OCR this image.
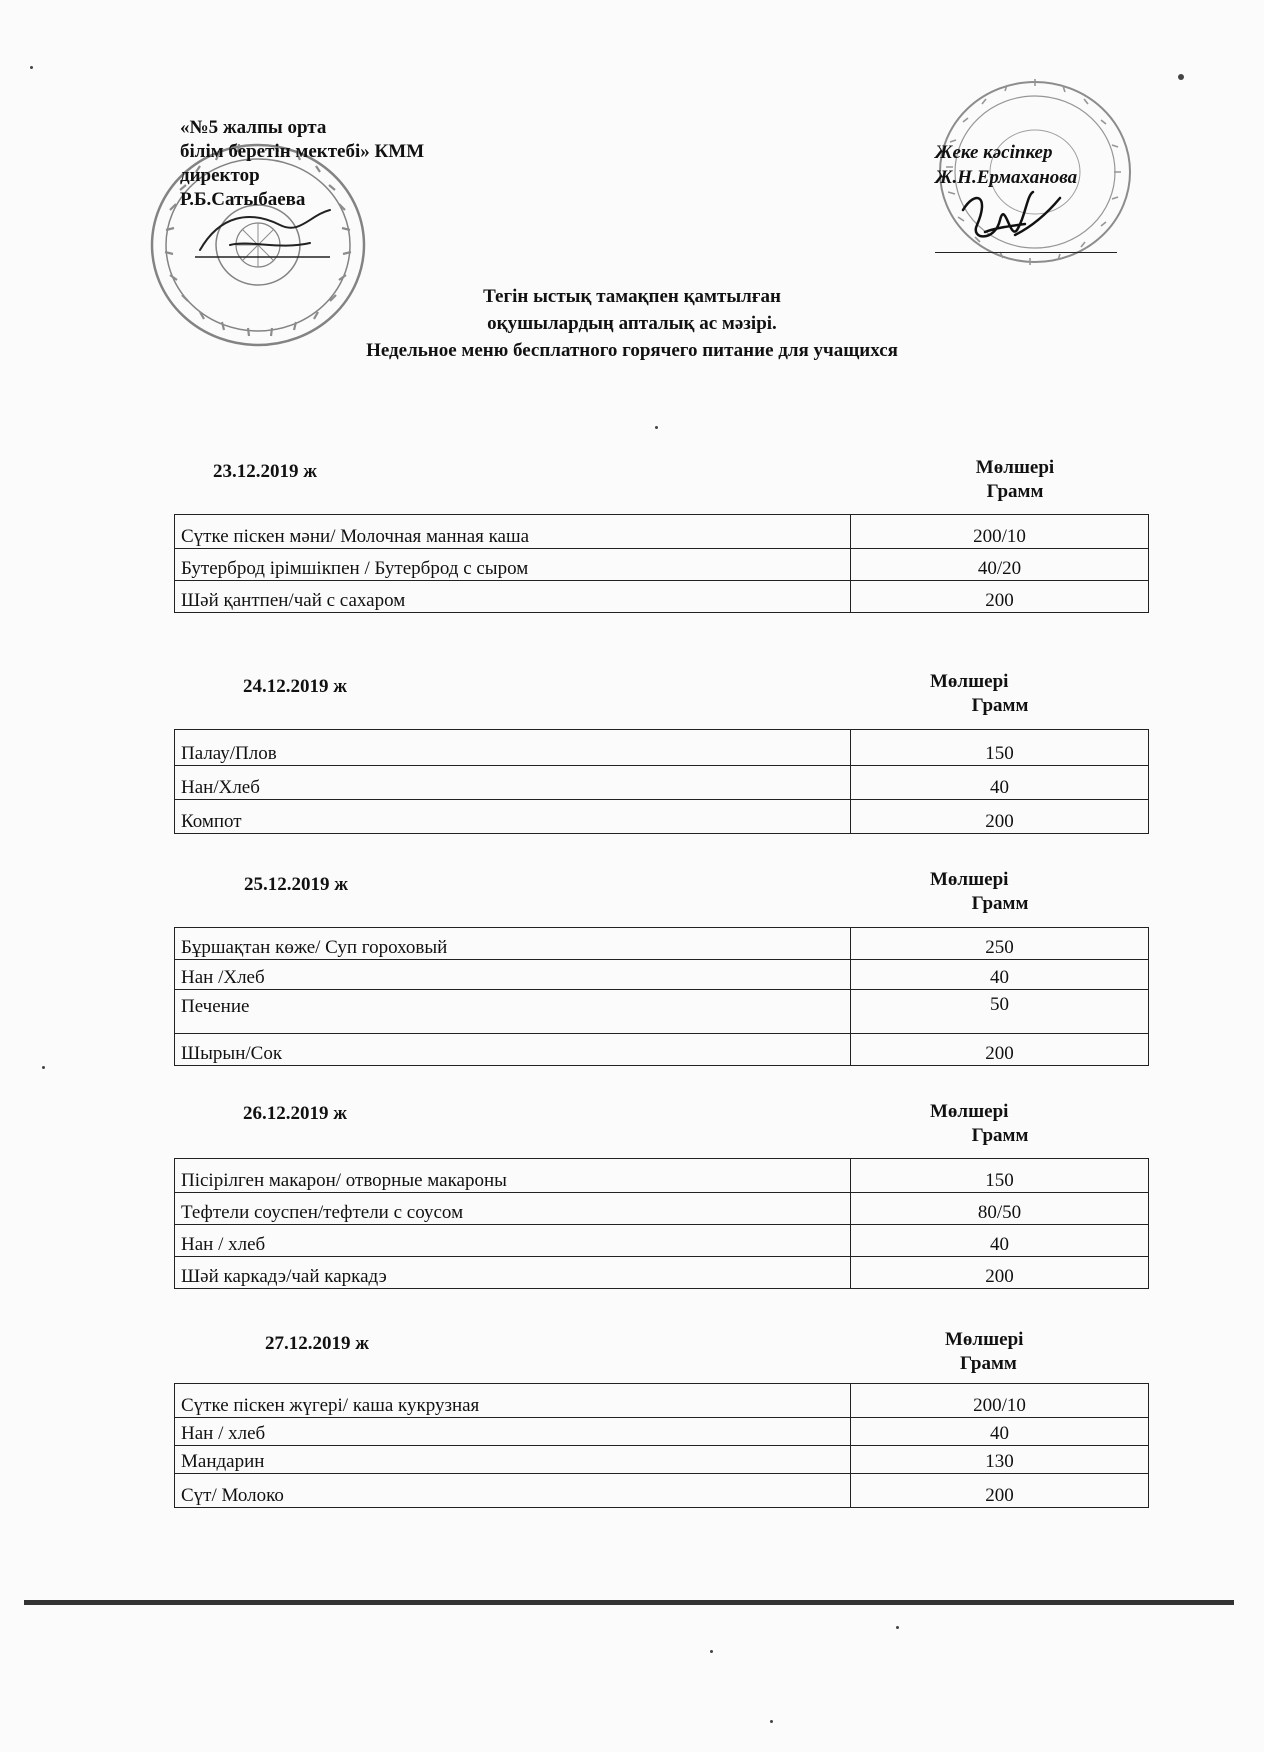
«№5 жалпы орта
білім беретін мектебі» КММ
директор
Р.Б.Сатыбаева
Жеке кәсіпкер
Ж.Н.Ермаханова
Тегін ыстық тамақпен қамтылған
оқушылардың апталық ас мәзірі.
Недельное меню бесплатного горячего питание для учащихся
23.12.2019 ж	Мөлшері
Грамм
Сүтке піскен мәни/ Молочная манная каша	200/10
Бутерброд ірімшікпен / Бутерброд с сыром	40/20
Шәй қантпен/чай с сахаром	200
24.12.2019 ж	Мөлшері
Грамм
Палау/Плов	150
Нан/Хлеб	40
Компот	200
25.12.2019 ж	Мөлшері
Грамм
Бұршақтан көже/ Суп гороховый	250
Нан /Хлеб	40
Печение	50
Шырын/Сок	200
26.12.2019 ж	Мөлшері
Грамм
Пісірілген макарон/ отворные макароны	150
Тефтели соуспен/тефтели с соусом	80/50
Нан / хлеб	40
Шәй каркадэ/чай каркадэ	200
27.12.2019 ж	Мөлшері
Грамм
Сүтке піскен жүгері/ каша кукрузная	200/10
Нан / хлеб	40
Мандарин	130
Сүт/ Молоко	200
